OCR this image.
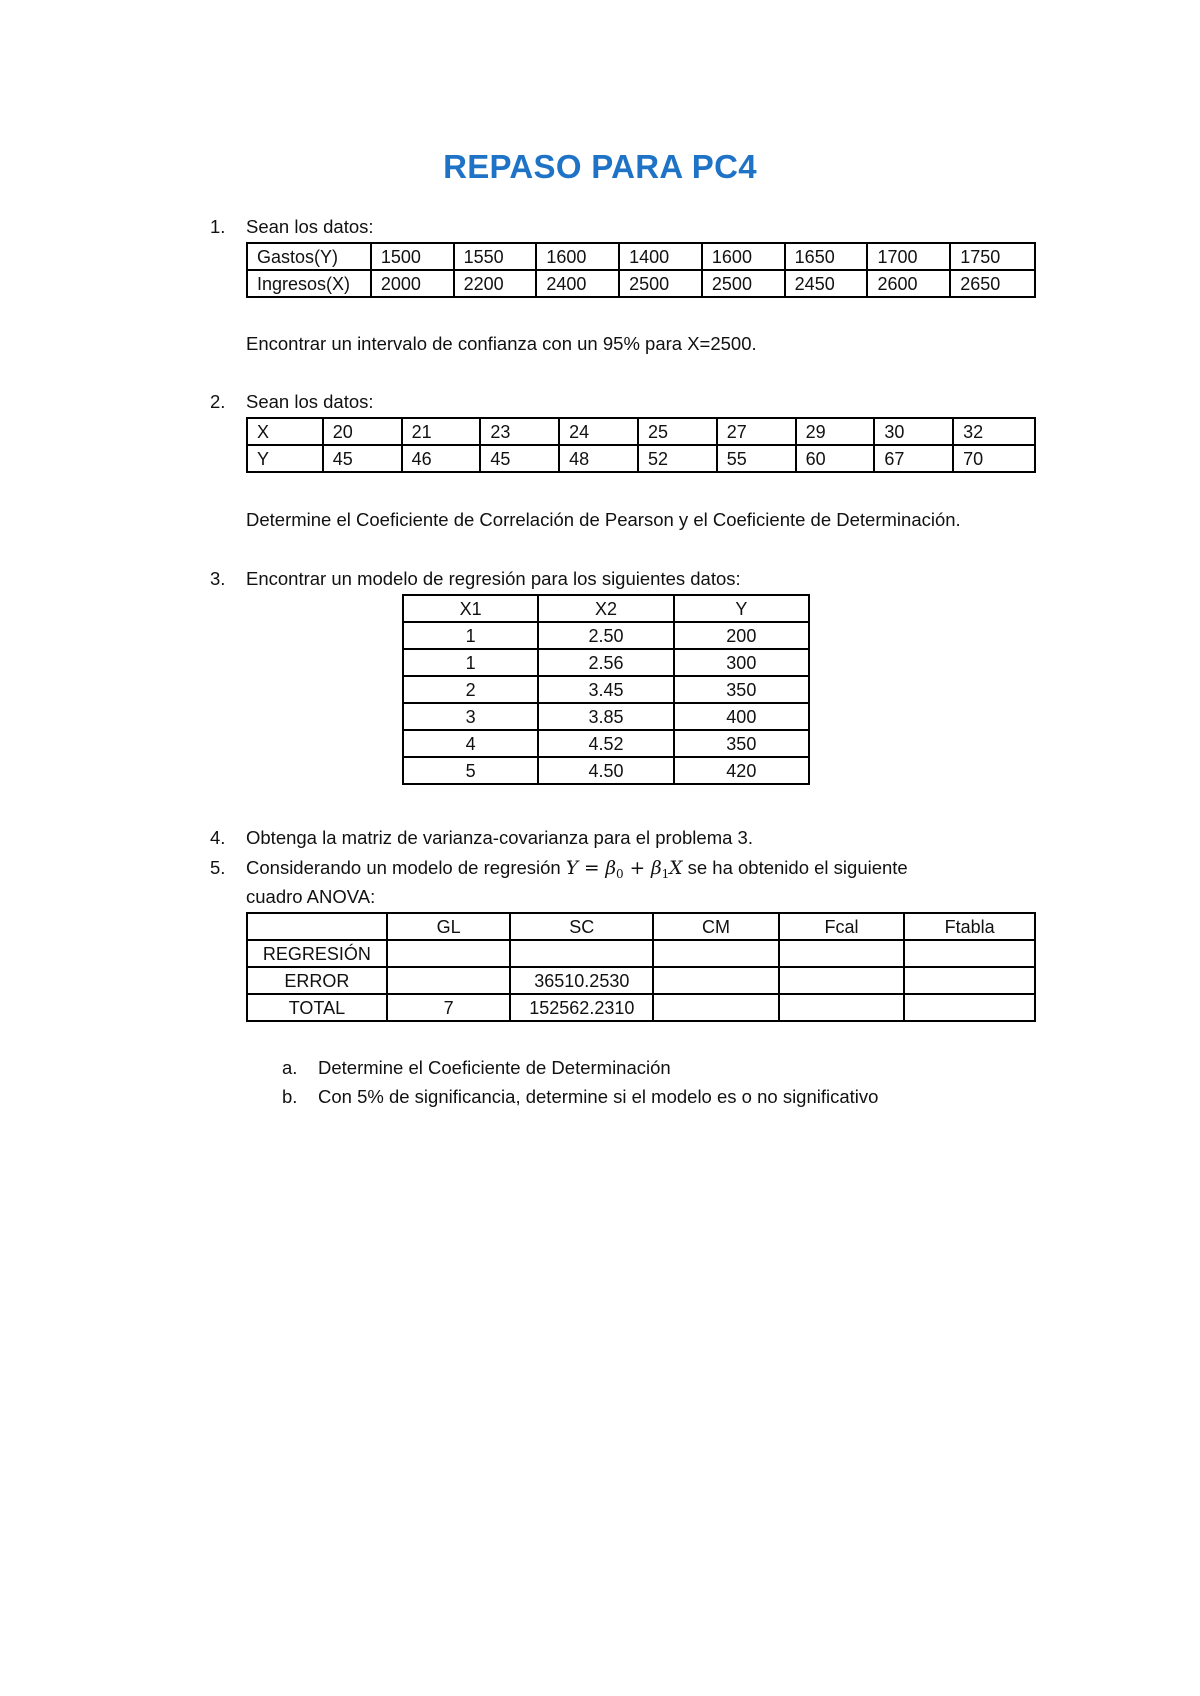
REPASO PARA PC4
1. Sean los datos:
Gastos(Y)	1500	1550	1600	1400	1600	1650	1700	1750
Ingresos(X)	2000	2200	2400	2500	2500	2450	2600	2650
Encontrar un intervalo de confianza con un 95% para X=2500.
2. Sean los datos:
X	20	21	23	24	25	27	29	30	32
Y	45	46	45	48	52	55	60	67	70
Determine el Coeficiente de Correlación de Pearson y el Coeficiente de Determinación.
3. Encontrar un modelo de regresión para los siguientes datos:
X1	X2	Y
1	2.50	200
1	2.56	300
2	3.45	350
3	3.85	400
4	4.52	350
5	4.50	420
4. Obtenga la matriz de varianza-covarianza para el problema 3.
5. Considerando un modelo de regresión $Y = \beta_0 + \beta_1X$ se ha obtenido el siguiente
cuadro ANOVA:
	GL	SC	CM	Fcal	Ftabla
REGRESIÓN					
ERROR		36510.2530			
TOTAL	7	152562.2310			
a. Determine el Coeficiente de Determinación
b. Con 5% de significancia, determine si el modelo es o no significativo
